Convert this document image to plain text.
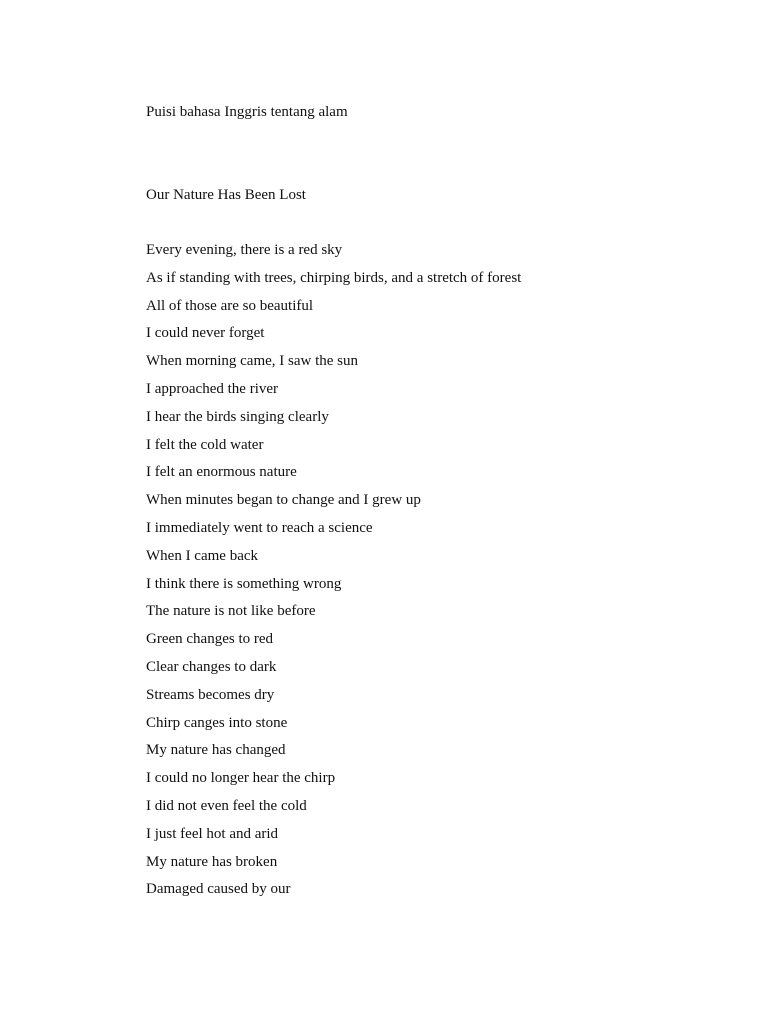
Puisi bahasa Inggris tentang alam
Our Nature Has Been Lost
Every evening, there is a red sky
As if standing with trees, chirping birds, and a stretch of forest
All of those are so beautiful
I could never forget
When morning came, I saw the sun
I approached the river
I hear the birds singing clearly
I felt the cold water
I felt an enormous nature
When minutes began to change and I grew up
I immediately went to reach a science
When I came back
I think there is something wrong
The nature is not like before
Green changes to red
Clear changes to dark
Streams becomes dry
Chirp canges into stone
My nature has changed
I could no longer hear the chirp
I did not even feel the cold
I just feel hot and arid
My nature has broken
Damaged caused by our
